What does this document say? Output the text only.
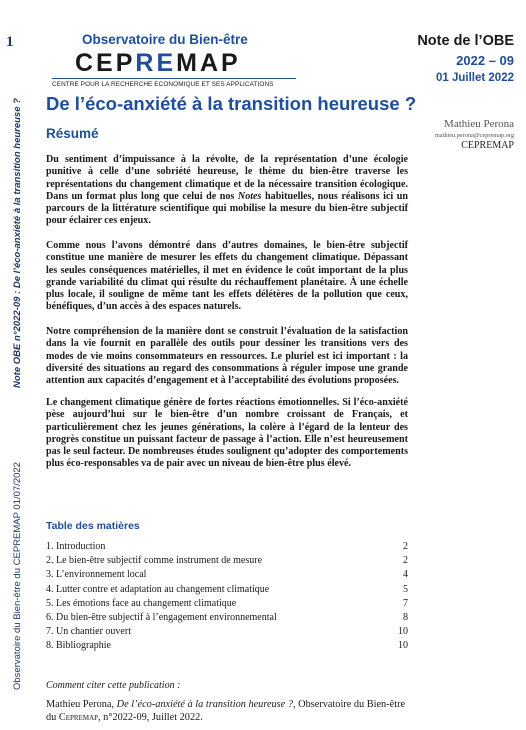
1
Note OBE n°2022-09 : De l’éco-anxiété à la transition heureuse ?
Observatoire du Bien-être du CEPREMAP 01/07/2022
Observatoire du Bien-être
CEPREMAP
CENTRE POUR LA RECHERCHE ECONOMIQUE ET SES APPLICATIONS
Note de l’OBE
2022 – 09
01 Juillet 2022
De l’éco-anxiété à la transition heureuse ?
Résumé
Mathieu Perona
mathieu.perona@cepremap.org
CEPREMAP
Du sentiment d’impuissance à la révolte, de la représentation d’une écologie punitive à celle d’une sobriété heureuse, le thème du bien-être traverse les représentations du changement climatique et de la nécessaire transition écologique. Dans un format plus long que celui de nos Notes habituelles, nous réalisons ici un parcours de la littérature scientifique qui mobilise la mesure du bien-être subjectif pour éclairer ces enjeux.
Comme nous l’avons démontré dans d’autres domaines, le bien-être subjectif constitue une manière de mesurer les effets du changement climatique. Dépassant les seules conséquences matérielles, il met en évidence le coût important de la plus grande variabilité du climat qui résulte du réchauffement planétaire. À une échelle plus locale, il souligne de même tant les effets délétères de la pollution que ceux, bénéfiques, d’un accès à des espaces naturels.
Notre compréhension de la manière dont se construit l’évaluation de la satisfaction dans la vie fournit en parallèle des outils pour dessiner les transitions vers des modes de vie moins consommateurs en ressources. Le pluriel est ici important : la diversité des situations au regard des consommations à réguler impose une grande attention aux capacités d’engagement et à l’acceptabilité des évolutions proposées.
Le changement climatique génère de fortes réactions émotionnelles. Si l’éco-anxiété pèse aujourd’hui sur le bien-être d’un nombre croissant de Français, et particulièrement chez les jeunes générations, la colère à l’égard de la lenteur des progrès constitue un puissant facteur de passage à l’action. Elle n’est heureusement pas le seul facteur. De nombreuses études soulignent qu’adopter des comportements plus éco-responsables va de pair avec un niveau de bien-être plus élevé.
Table des matières
1. Introduction	2
2. Le bien-être subjectif comme instrument de mesure	2
3. L’environnement local	4
4. Lutter contre et adaptation au changement climatique	5
5. Les émotions face au changement climatique	7
6. Du bien-être subjectif à l’engagement environnemental	8
7. Un chantier ouvert	10
8. Bibliographie	10
Comment citer cette publication :
Mathieu Perona, De l’éco-anxiété à la transition heureuse ?, Observatoire du Bien-être du Cepremap, n°2022-09, Juillet 2022.
